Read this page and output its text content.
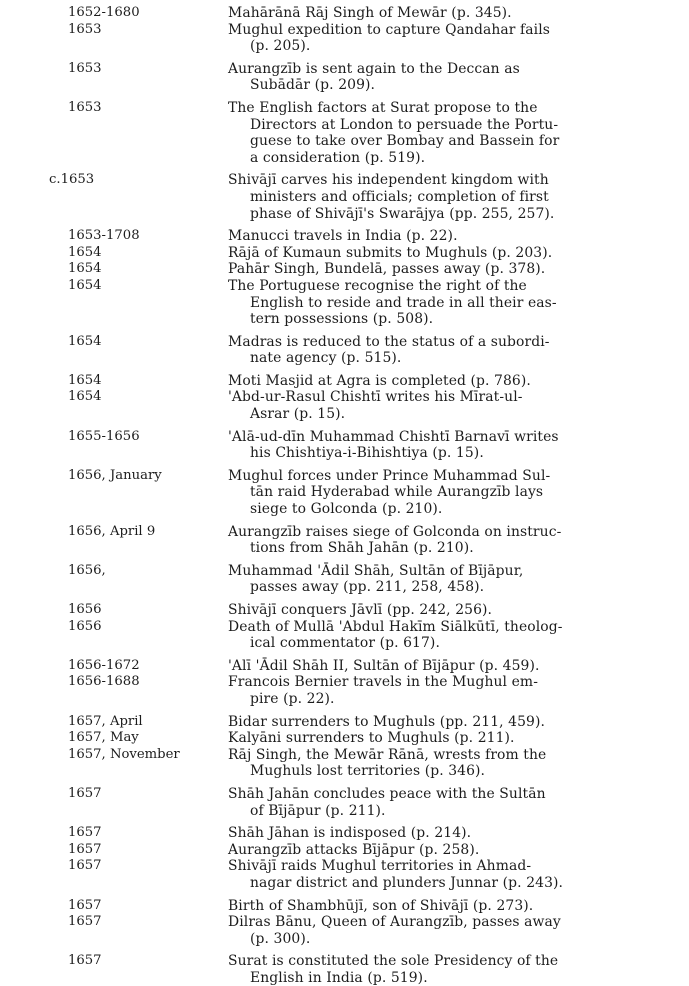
1652-1680	Mahārānā Rāj Singh of Mewār (p. 345).
1653	Mughul expedition to capture Qandahar fails
(p. 205).
1653	Aurangzīb is sent again to the Deccan as
Subādār (p. 209).
1653	The English factors at Surat propose to the
Directors at London to persuade the Portu-
guese to take over Bombay and Bassein for
a consideration (p. 519).
c.1653	Shivājī carves his independent kingdom with
ministers and officials; completion of first
phase of Shivājī's Swarājya (pp. 255, 257).
1653-1708	Manucci travels in India (p. 22).
1654	Rājā of Kumaun submits to Mughuls (p. 203).
1654	Pahār Singh, Bundelā, passes away (p. 378).
1654	The Portuguese recognise the right of the
English to reside and trade in all their eas-
tern possessions (p. 508).
1654	Madras is reduced to the status of a subordi-
nate agency (p. 515).
1654	Moti Masjid at Agra is completed (p. 786).
1654	'Abd-ur-Rasul Chishtī writes his Mīrat-ul-
Asrar (p. 15).
1655-1656	'Alā-ud-dīn Muhammad Chishtī Barnavī writes
his Chishtiya-i-Bihishtiya (p. 15).
1656, January	Mughul forces under Prince Muhammad Sul-
tān raid Hyderabad while Aurangzīb lays
siege to Golconda (p. 210).
1656, April 9	Aurangzīb raises siege of Golconda on instruc-
tions from Shāh Jahān (p. 210).
1656,	Muhammad 'Ādil Shāh, Sultān of Bījāpur,
passes away (pp. 211, 258, 458).
1656	Shivājī conquers Jāvlī (pp. 242, 256).
1656	Death of Mullā 'Abdul Hakīm Siālkūtī, theolog-
ical commentator (p. 617).
1656-1672	'Alī 'Ādil Shāh II, Sultān of Bījāpur (p. 459).
1656-1688	Francois Bernier travels in the Mughul em-
pire (p. 22).
1657, April	Bidar surrenders to Mughuls (pp. 211, 459).
1657, May	Kalyāni surrenders to Mughuls (p. 211).
1657, November	Rāj Singh, the Mewār Rānā, wrests from the
Mughuls lost territories (p. 346).
1657	Shāh Jahān concludes peace with the Sultān
of Bījāpur (p. 211).
1657	Shāh Jāhan is indisposed (p. 214).
1657	Aurangzīb attacks Bījāpur (p. 258).
1657	Shivājī raids Mughul territories in Ahmad-
nagar district and plunders Junnar (p. 243).
1657	Birth of Shambhūjī, son of Shivājī (p. 273).
1657	Dilras Bānu, Queen of Aurangzīb, passes away
(p. 300).
1657	Surat is constituted the sole Presidency of the
English in India (p. 519).
